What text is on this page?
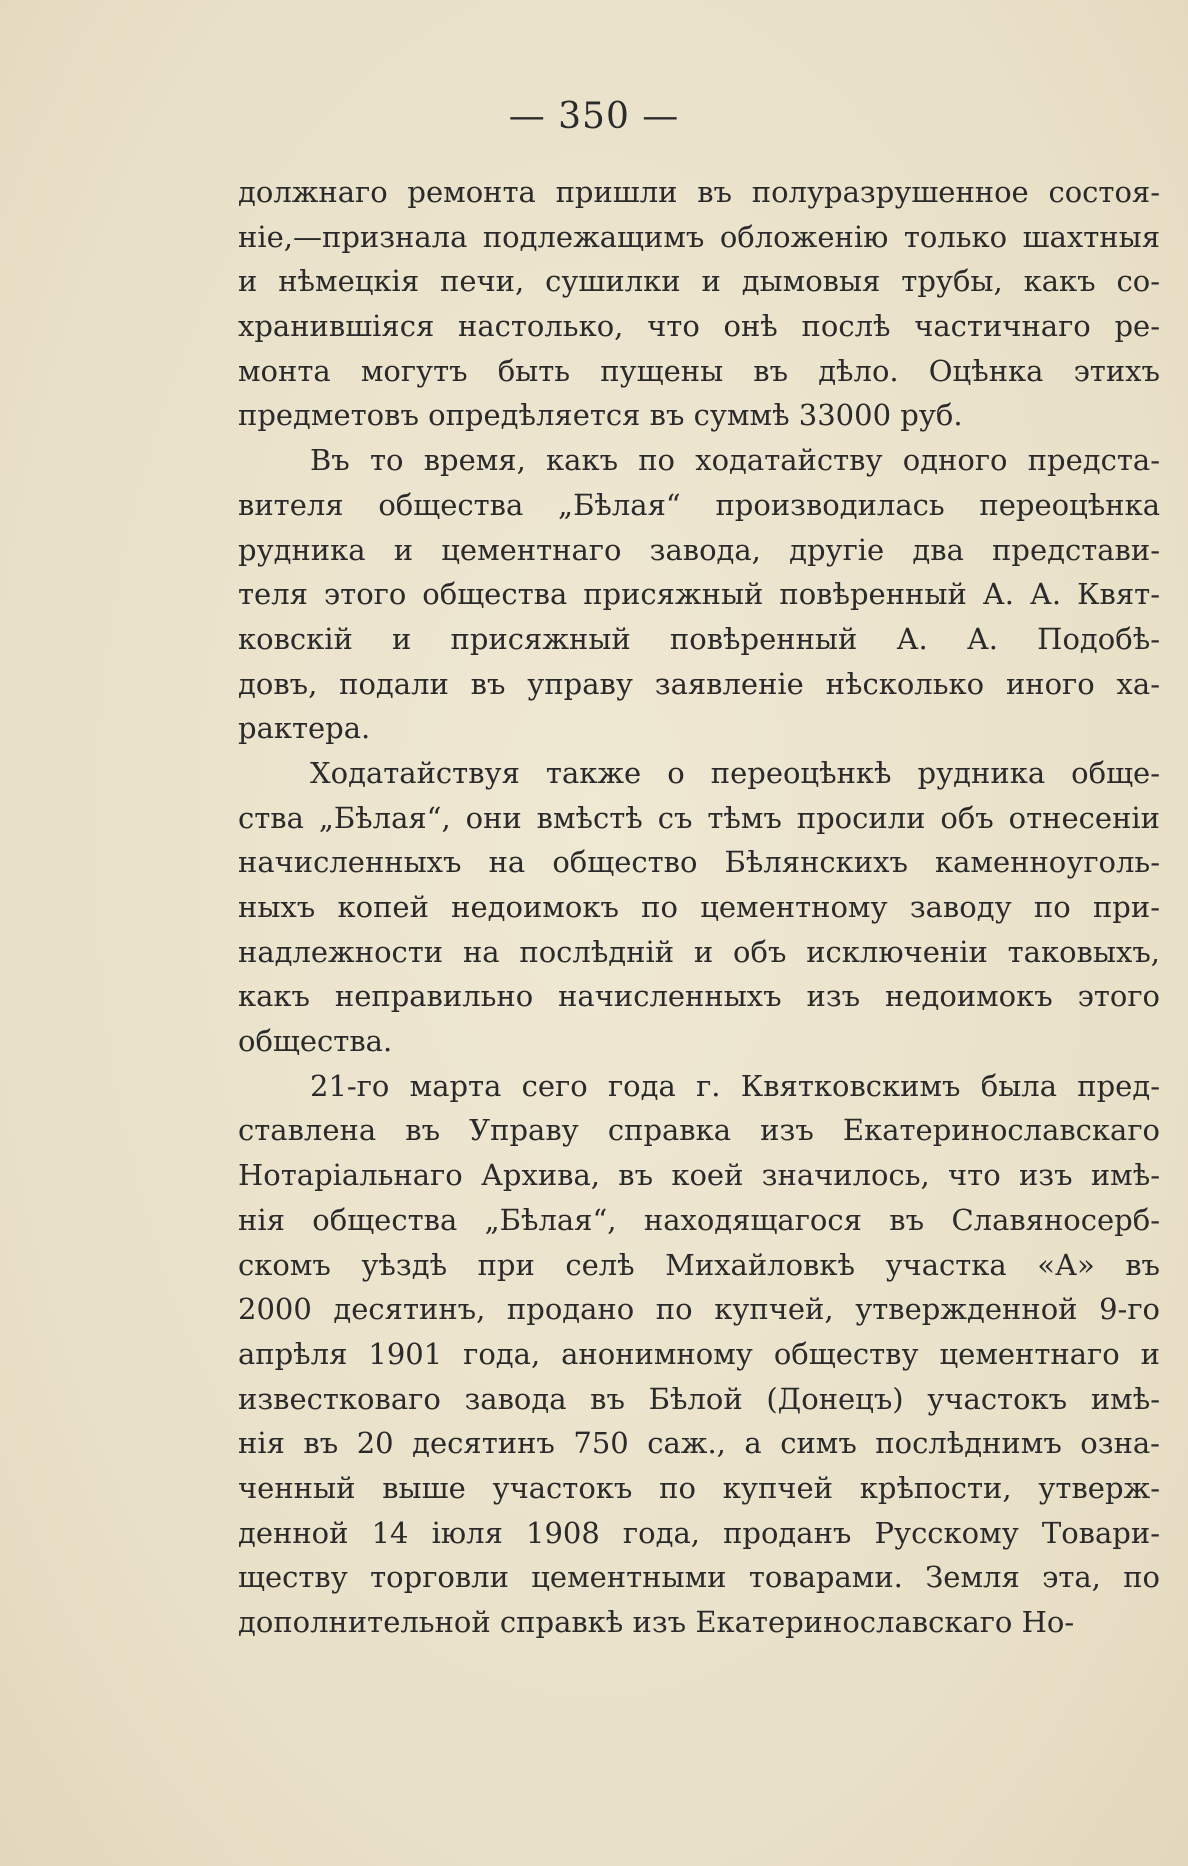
— 350 —
должнаго ремонта пришли въ полуразрушенное состоя-
нie,—признала подлежащимъ обложенiю только шахтныя
и нѣмецкiя печи, сушилки и дымовыя трубы, какъ со-
хранившiяся настолько, что онѣ послѣ частичнаго ре-
монта могутъ быть пущены въ дѣло. Оцѣнка этихъ
предметовъ опредѣляется въ суммѣ 33000 руб.
Въ то время, какъ по ходатайству одного предста-
вителя общества „Бѣлая“ производилась переоцѣнка
рудника и цементнаго завода, другiе два представи-
теля этого общества присяжный повѣренный А. А. Квят-
ковскiй и присяжный повѣренный А. А. Подобѣ-
довъ, подали въ управу заявленiе нѣсколько иного ха-
рактера.
Ходатайствуя также о переоцѣнкѣ рудника обще-
ства „Бѣлая“, они вмѣстѣ съ тѣмъ просили объ отнесенiи
начисленныхъ на общество Бѣлянскихъ каменноуголь-
ныхъ копей недоимокъ по цементному заводу по при-
надлежности на послѣднiй и объ исключенiи таковыхъ,
какъ неправильно начисленныхъ изъ недоимокъ этого
общества.
21-го марта сего года г. Квятковскимъ была пред-
ставлена въ Управу справка изъ Екатеринославскаго
Нотарiальнаго Архива, въ коей значилось, что изъ имѣ-
нiя общества „Бѣлая“, находящагося въ Славяносерб-
скомъ уѣздѣ при селѣ Михайловкѣ участка «А» въ
2000 десятинъ, продано по купчей, утвержденной 9-го
апрѣля 1901 года, анонимному обществу цементнаго и
известковаго завода въ Бѣлой (Донецъ) участокъ имѣ-
нiя въ 20 десятинъ 750 саж., а симъ послѣднимъ озна-
ченный выше участокъ по купчей крѣпости, утверж-
денной 14 iюля 1908 года, проданъ Русскому Товари-
ществу торговли цементными товарами. Земля эта, по
дополнительной справкѣ изъ Екатеринославскаго Но-
